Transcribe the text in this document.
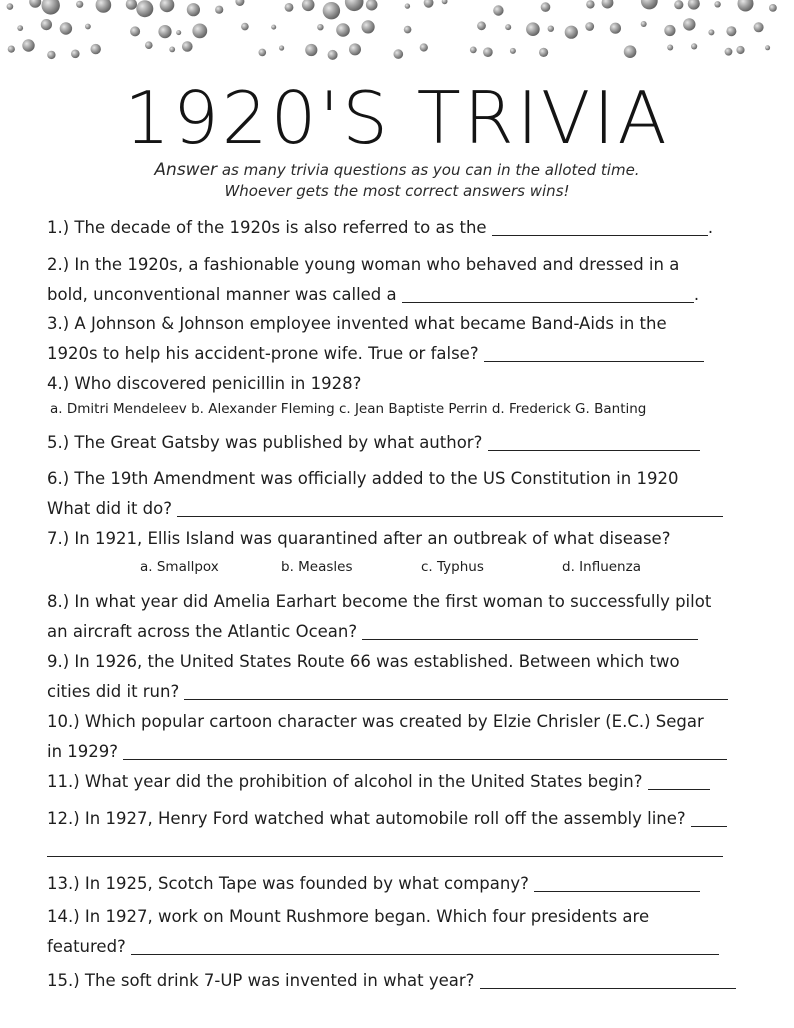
1920'S TRIVIA
Answer as many trivia questions as you can in the alloted time.
Whoever gets the most correct answers wins!
1.) The decade of the 1920s is also referred to as the	.
2.) In the 1920s, a fashionable young woman who behaved and dressed in a
bold, unconventional manner was called a	.
3.) A Johnson & Johnson employee invented what became Band-Aids in the
1920s to help his accident-prone wife. True or false?
4.) Who discovered penicillin in 1928?
a. Dmitri Mendeleev b. Alexander Fleming c. Jean Baptiste Perrin d. Frederick G. Banting
5.) The Great Gatsby was published by what author?
6.) The 19th Amendment was officially added to the US Constitution in 1920
What did it do?
7.) In 1921, Ellis Island was quarantined after an outbreak of what disease?
a. Smallpox	b. Measles	c. Typhus	d. Influenza
8.) In what year did Amelia Earhart become the first woman to successfully pilot
an aircraft across the Atlantic Ocean?
9.) In 1926, the United States Route 66 was established. Between which two
cities did it run?
10.) Which popular cartoon character was created by Elzie Chrisler (E.C.) Segar
in 1929?
11.) What year did the prohibition of alcohol in the United States begin?
12.) In 1927, Henry Ford watched what automobile roll off the assembly line?
13.) In 1925, Scotch Tape was founded by what company?
14.) In 1927, work on Mount Rushmore began. Which four presidents are
featured?
15.) The soft drink 7-UP was invented in what year?
